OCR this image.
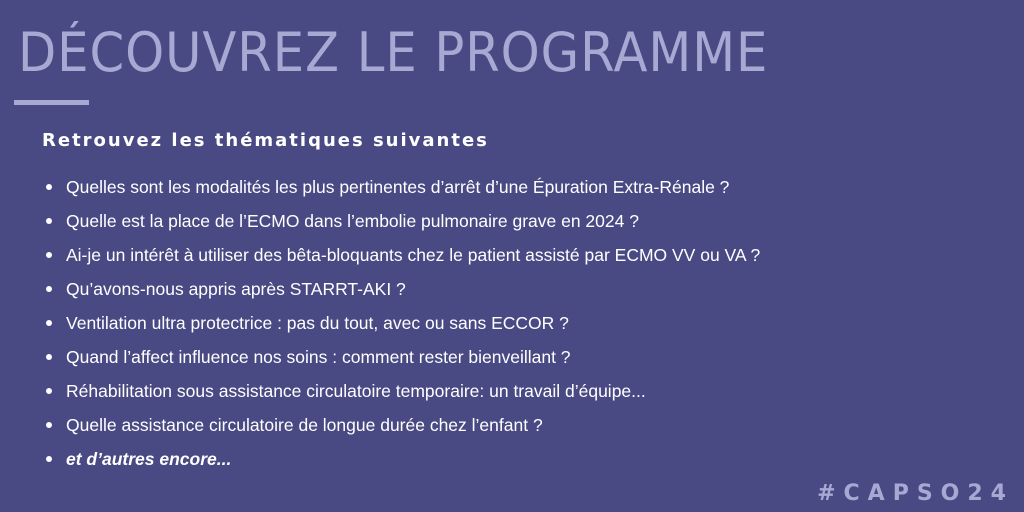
DÉCOUVREZ LE PROGRAMME
Retrouvez les thématiques suivantes
Quelles sont les modalités les plus pertinentes d’arrêt d’une Épuration Extra-Rénale ?
Quelle est la place de l’ECMO dans l’embolie pulmonaire grave en 2024 ?
Ai-je un intérêt à utiliser des bêta-bloquants chez le patient assisté par ECMO VV ou VA ?
Qu’avons-nous appris après STARRT-AKI ?
Ventilation ultra protectrice : pas du tout, avec ou sans ECCOR ?
Quand l’affect influence nos soins : comment rester bienveillant ?
Réhabilitation sous assistance circulatoire temporaire: un travail d’équipe...
Quelle assistance circulatoire de longue durée chez l’enfant ?
et d’autres encore...
#CAPSO24
